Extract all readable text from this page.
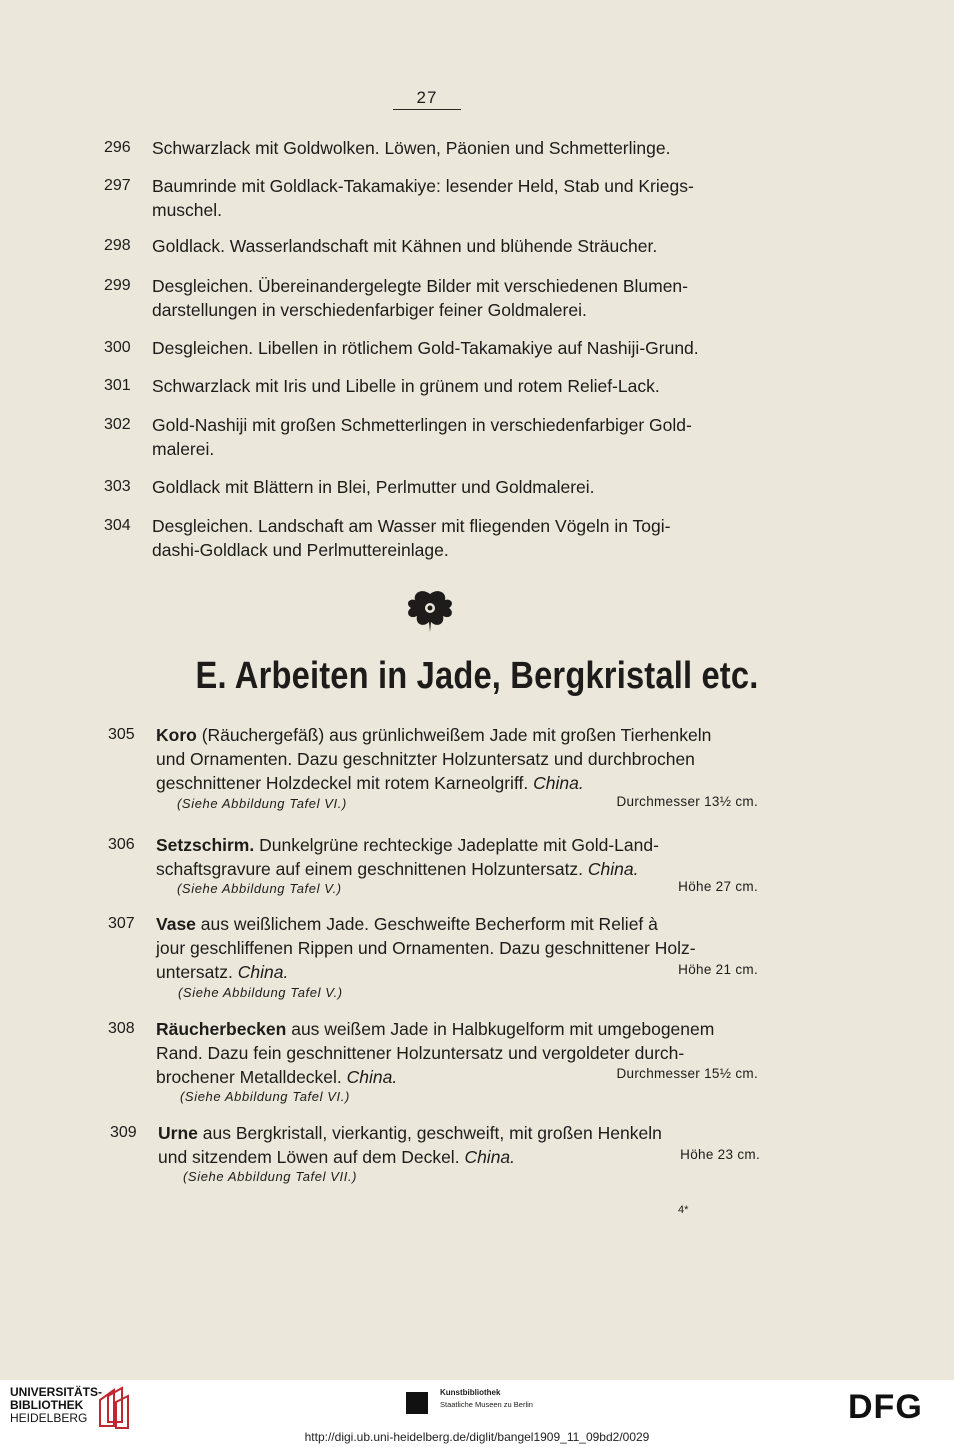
27
296 Schwarzlack mit Goldwolken. Löwen, Päonien und Schmetterlinge.
297 Baumrinde mit Goldlack-Takamakiye: lesender Held, Stab und Kriegs-
muschel.
298 Goldlack. Wasserlandschaft mit Kähnen und blühende Sträucher.
299 Desgleichen. Übereinandergelegte Bilder mit verschiedenen Blumen-
darstellungen in verschiedenfarbiger feiner Goldmalerei.
300 Desgleichen. Libellen in rötlichem Gold-Takamakiye auf Nashiji-Grund.
301 Schwarzlack mit Iris und Libelle in grünem und rotem Relief-Lack.
302 Gold-Nashiji mit großen Schmetterlingen in verschiedenfarbiger Gold-
malerei.
303 Goldlack mit Blättern in Blei, Perlmutter und Goldmalerei.
304 Desgleichen. Landschaft am Wasser mit fliegenden Vögeln in Togi-
dashi-Goldlack und Perlmuttereinlage.
E. Arbeiten in Jade, Bergkristall etc.
305 Koro (Räuchergefäß) aus grünlichweißem Jade mit großen Tierhenkeln
und Ornamenten. Dazu geschnitzter Holzuntersatz und durchbrochen
geschnittener Holzdeckel mit rotem Karneolgriff. China.
(Siehe Abbildung Tafel VI.)	Durchmesser 13½ cm.
306 Setzschirm. Dunkelgrüne rechteckige Jadeplatte mit Gold-Land-
schaftsgravure auf einem geschnittenen Holzuntersatz. China.
(Siehe Abbildung Tafel V.)	Höhe 27 cm.
307 Vase aus weißlichem Jade. Geschweifte Becherform mit Relief à
jour geschliffenen Rippen und Ornamenten. Dazu geschnittener Holz-
untersatz. China.
(Siehe Abbildung Tafel V.)
Höhe 21 cm.
308 Räucherbecken aus weißem Jade in Halbkugelform mit umgebogenem
Rand. Dazu fein geschnittener Holzuntersatz und vergoldeter durch-
brochener Metalldeckel. China.
(Siehe Abbildung Tafel VI.)
Durchmesser 15½ cm.
309 Urne aus Bergkristall, vierkantig, geschweift, mit großen Henkeln
und sitzendem Löwen auf dem Deckel. China.
(Siehe Abbildung Tafel VII.)
Höhe 23 cm.
4*
UNIVERSITÄTS-
BIBLIOTHEK
HEIDELBERG
Kunstbibliothek
Staatliche Museen zu Berlin	DFG
http://digi.ub.uni-heidelberg.de/diglit/bangel1909_11_09bd2/0029
